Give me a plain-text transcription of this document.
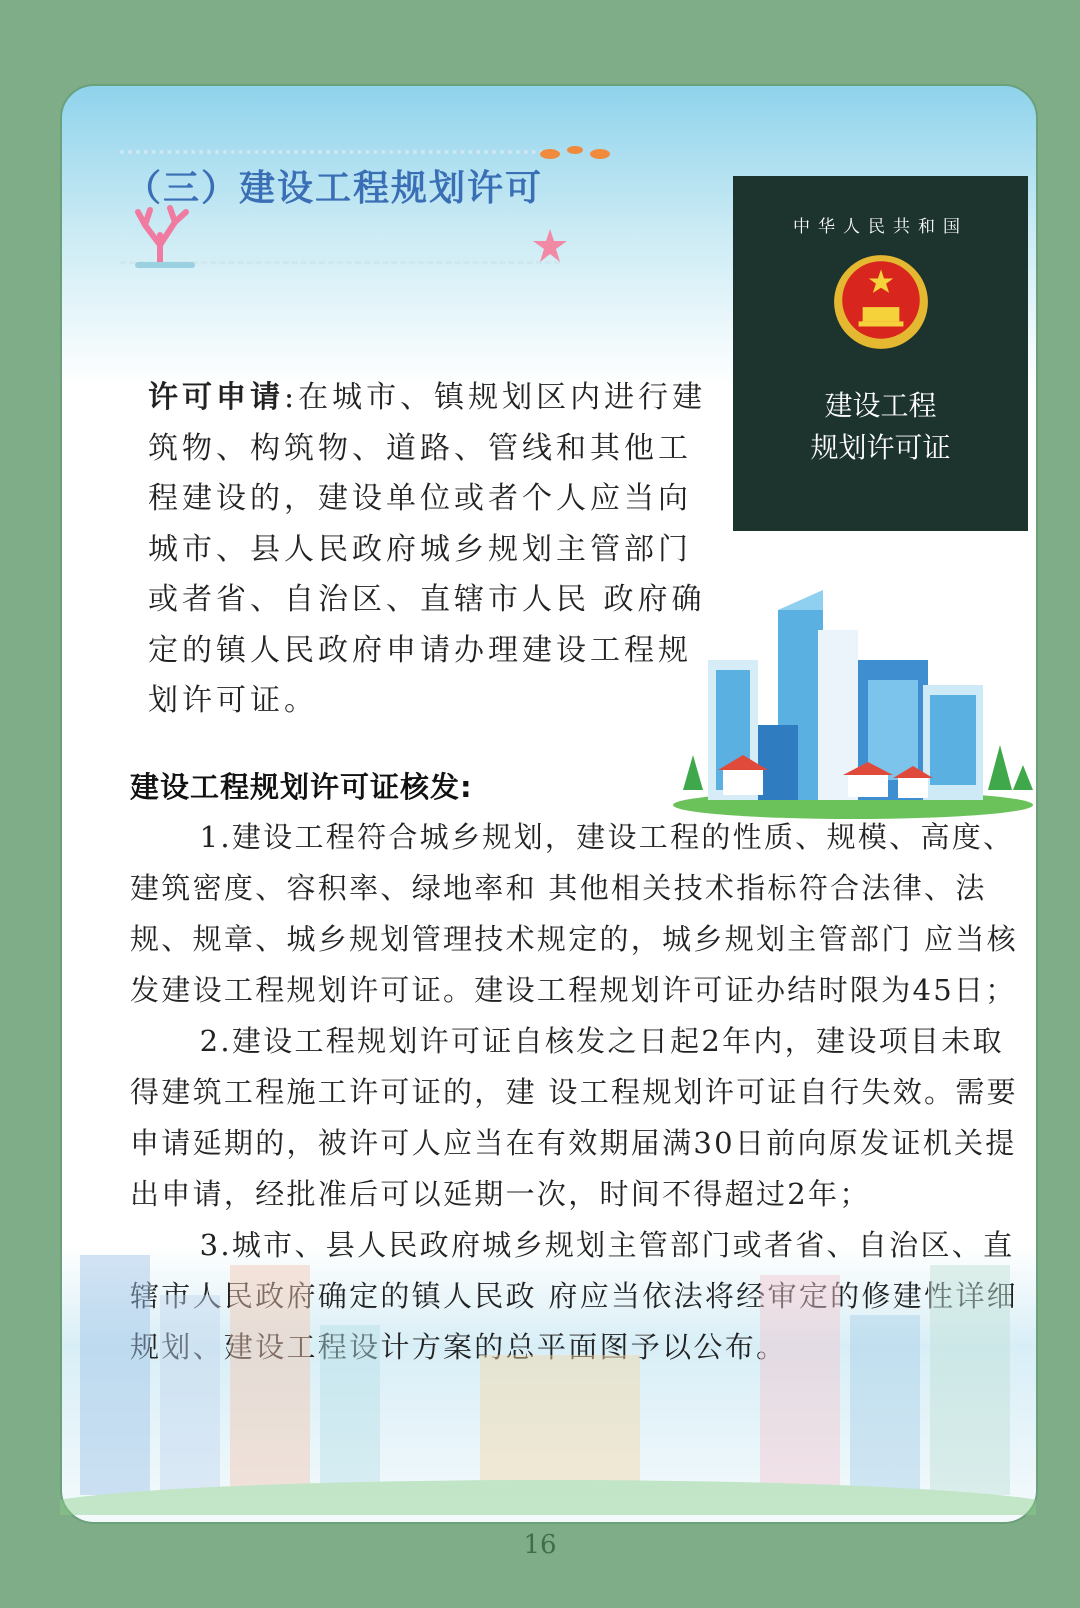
（三）建设工程规划许可
中华人民共和国
建设工程
规划许可证
许可申请:在城市、镇规划区内进行建筑物、构筑物、道路、管线和其他工程建设的，建设单位或者个人应当向城市、县人民政府城乡规划主管部门或者省、自治区、直辖市人民 政府确定的镇人民政府申请办理建设工程规划许可证。
建设工程规划许可证核发:

1.建设工程符合城乡规划，建设工程的性质、规模、高度、建筑密度、容积率、绿地率和 其他相关技术指标符合法律、法规、规章、城乡规划管理技术规定的，城乡规划主管部门 应当核发建设工程规划许可证。建设工程规划许可证办结时限为45日；

2.建设工程规划许可证自核发之日起2年内，建设项目未取得建筑工程施工许可证的，建 设工程规划许可证自行失效。需要申请延期的，被许可人应当在有效期届满30日前向原发证机关提出申请，经批准后可以延期一次，时间不得超过2年；

3.城市、县人民政府城乡规划主管部门或者省、自治区、直辖市人民政府确定的镇人民政 府应当依法将经审定的修建性详细规划、建设工程设计方案的总平面图予以公布。

16
